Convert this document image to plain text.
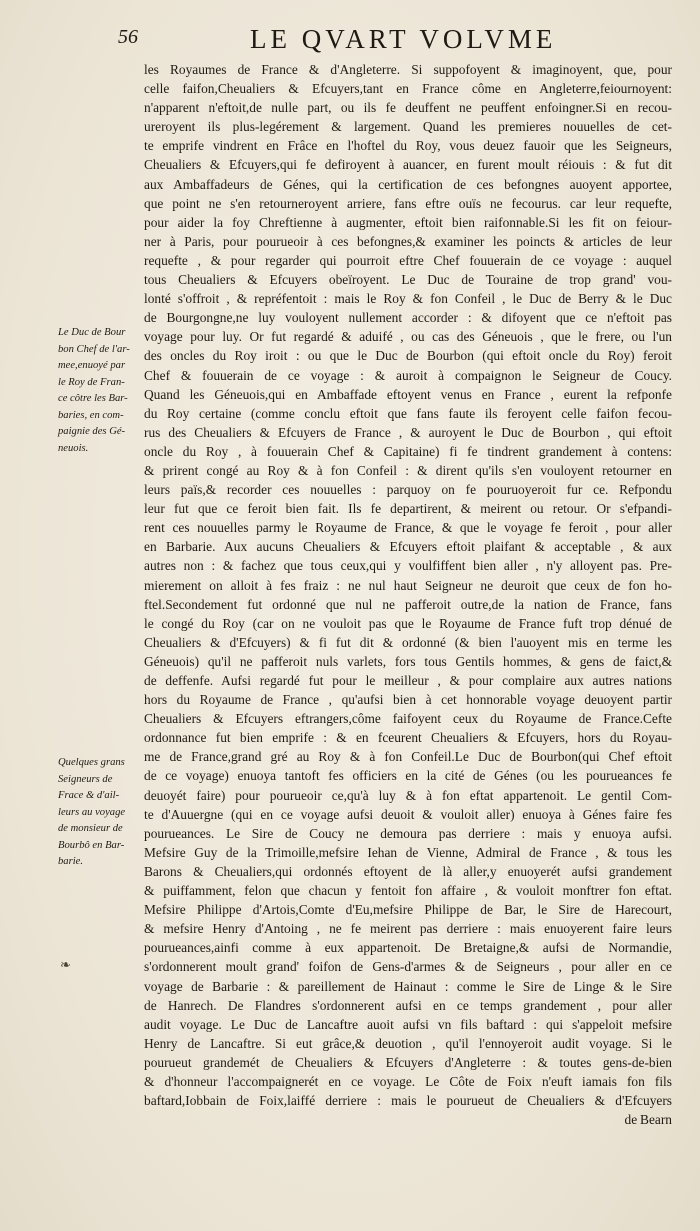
56	LE QVART VOLVME
Le Duc de Bour
bon Chef de l'ar-
mee,enuoyé par
le Roy de Fran-
ce côtre les Bar-
baries, en com-
paignie des Gé-
neuois.
Quelques grans
Seigneurs de
Frace & d'ail-
leurs au voyage
de monsieur de
Bourbô en Bar-
barie.
❧
les Royaumes de France & d'Angleterre. Si suppofoyent & imaginoyent, que, pour
celle faifon,Cheualiers & Efcuyers,tant en France côme en Angleterre,feiournoyent:
n'apparent n'eftoit,de nulle part, ou ils fe deuffent ne peuffent enfoingner.Si en recou-
ureroyent ils plus-legérement & largement. Quand les premieres nouuelles de cet-
te emprife vindrent en Frâce en l'hoftel du Roy, vous deuez fauoir que les Seigneurs,
Cheualiers & Efcuyers,qui fe defiroyent à auancer, en furent moult réiouis : & fut dit
aux Ambaffadeurs de Génes, qui la certification de ces befongnes auoyent apportee,
que point ne s'en retourneroyent arriere, fans eftre ouïs ne fecourus. car leur requefte,
pour aider la foy Chreftienne à augmenter, eftoit bien raifonnable.Si les fit on feiour-
ner à Paris, pour pourueoir à ces befongnes,& examiner les poincts & articles de leur
requefte , & pour regarder qui pourroit eftre Chef fouuerain de ce voyage : auquel
tous Cheualiers & Efcuyers obeïroyent. Le Duc de Touraine de trop grand' vou-
lonté s'offroit , & repréfentoit : mais le Roy & fon Confeil , le Duc de Berry & le Duc
de Bourgongne,ne luy vouloyent nullement accorder : & difoyent que ce n'eftoit pas
voyage pour luy. Or fut regardé & aduifé , ou cas des Géneuois , que le frere, ou l'un
des oncles du Roy iroit : ou que le Duc de Bourbon (qui eftoit oncle du Roy) feroit
Chef & fouuerain de ce voyage : & auroit à compaignon le Seigneur de Coucy.
Quand les Géneuois,qui en Ambaffade eftoyent venus en France , eurent la refponfe
du Roy certaine (comme conclu eftoit que fans faute ils feroyent celle faifon fecou-
rus des Cheualiers & Efcuyers de France , & auroyent le Duc de Bourbon , qui eftoit
oncle du Roy , à fouuerain Chef & Capitaine) fi fe tindrent grandement à contens:
& prirent congé au Roy & à fon Confeil : & dirent qu'ils s'en vouloyent retourner en
leurs païs,& recorder ces nouuelles : parquoy on fe pouruoyeroit fur ce. Refpondu
leur fut que ce feroit bien fait. Ils fe departirent, & meirent ou retour. Or s'efpandi-
rent ces nouuelles parmy le Royaume de France, & que le voyage fe feroit , pour aller
en Barbarie. Aux aucuns Cheualiers & Efcuyers eftoit plaifant & acceptable , & aux
autres non : & fachez que tous ceux,qui y voulfiffent bien aller , n'y alloyent pas. Pre-
mierement on alloit à fes fraiz : ne nul haut Seigneur ne deuroit que ceux de fon ho-
ftel.Secondement fut ordonné que nul ne pafferoit outre,de la nation de France, fans
le congé du Roy (car on ne vouloit pas que le Royaume de France fuft trop dénué de
Cheualiers & d'Efcuyers) & fi fut dit & ordonné (& bien l'auoyent mis en terme les
Géneuois) qu'il ne pafferoit nuls varlets, fors tous Gentils hommes, & gens de faict,&
de deffenfe. Aufsi regardé fut pour le meilleur , & pour complaire aux autres nations
hors du Royaume de France , qu'aufsi bien à cet honnorable voyage deuoyent partir
Cheualiers & Efcuyers eftrangers,côme faifoyent ceux du Royaume de France.Cefte
ordonnance fut bien emprife : & en fceurent Cheualiers & Efcuyers, hors du Royau-
me de France,grand gré au Roy & à fon Confeil.Le Duc de Bourbon(qui Chef eftoit
de ce voyage) enuoya tantoft fes officiers en la cité de Génes (ou les pourueances fe
deuoyét faire) pour pourueoir ce,qu'à luy & à fon eftat appartenoit. Le gentil Com-
te d'Auuergne (qui en ce voyage aufsi deuoit & vouloit aller) enuoya à Génes faire fes
pourueances. Le Sire de Coucy ne demoura pas derriere : mais y enuoya aufsi.
Mefsire Guy de la Trimoille,mefsire Iehan de Vienne, Admiral de France , & tous les
Barons & Cheualiers,qui ordonnés eftoyent de là aller,y enuoyerét aufsi grandement
& puiffamment, felon que chacun y fentoit fon affaire , & vouloit monftrer fon eftat.
Mefsire Philippe d'Artois,Comte d'Eu,mefsire Philippe de Bar, le Sire de Harecourt,
& mefsire Henry d'Antoing , ne fe meirent pas derriere : mais enuoyerent faire leurs
pourueances,ainfi comme à eux appartenoit. De Bretaigne,& aufsi de Normandie,
s'ordonnerent moult grand' foifon de Gens-d'armes & de Seigneurs , pour aller en ce
voyage de Barbarie : & pareillement de Hainaut : comme le Sire de Linge & le Sire
de Hanrech. De Flandres s'ordonnerent aufsi en ce temps grandement , pour aller
audit voyage. Le Duc de Lancaftre auoit aufsi vn fils baftard : qui s'appeloit mefsire
Henry de Lancaftre. Si eut grâce,& deuotion , qu'il l'ennoyeroit audit voyage. Si le
pourueut grandemét de Cheualiers & Efcuyers d'Angleterre : & toutes gens-de-bien
& d'honneur l'accompaignerét en ce voyage. Le Côte de Foix n'euft iamais fon fils
baftard,Iobbain de Foix,laiffé derriere : mais le pourueut de Cheualiers & d'Efcuyers
de Bearn
